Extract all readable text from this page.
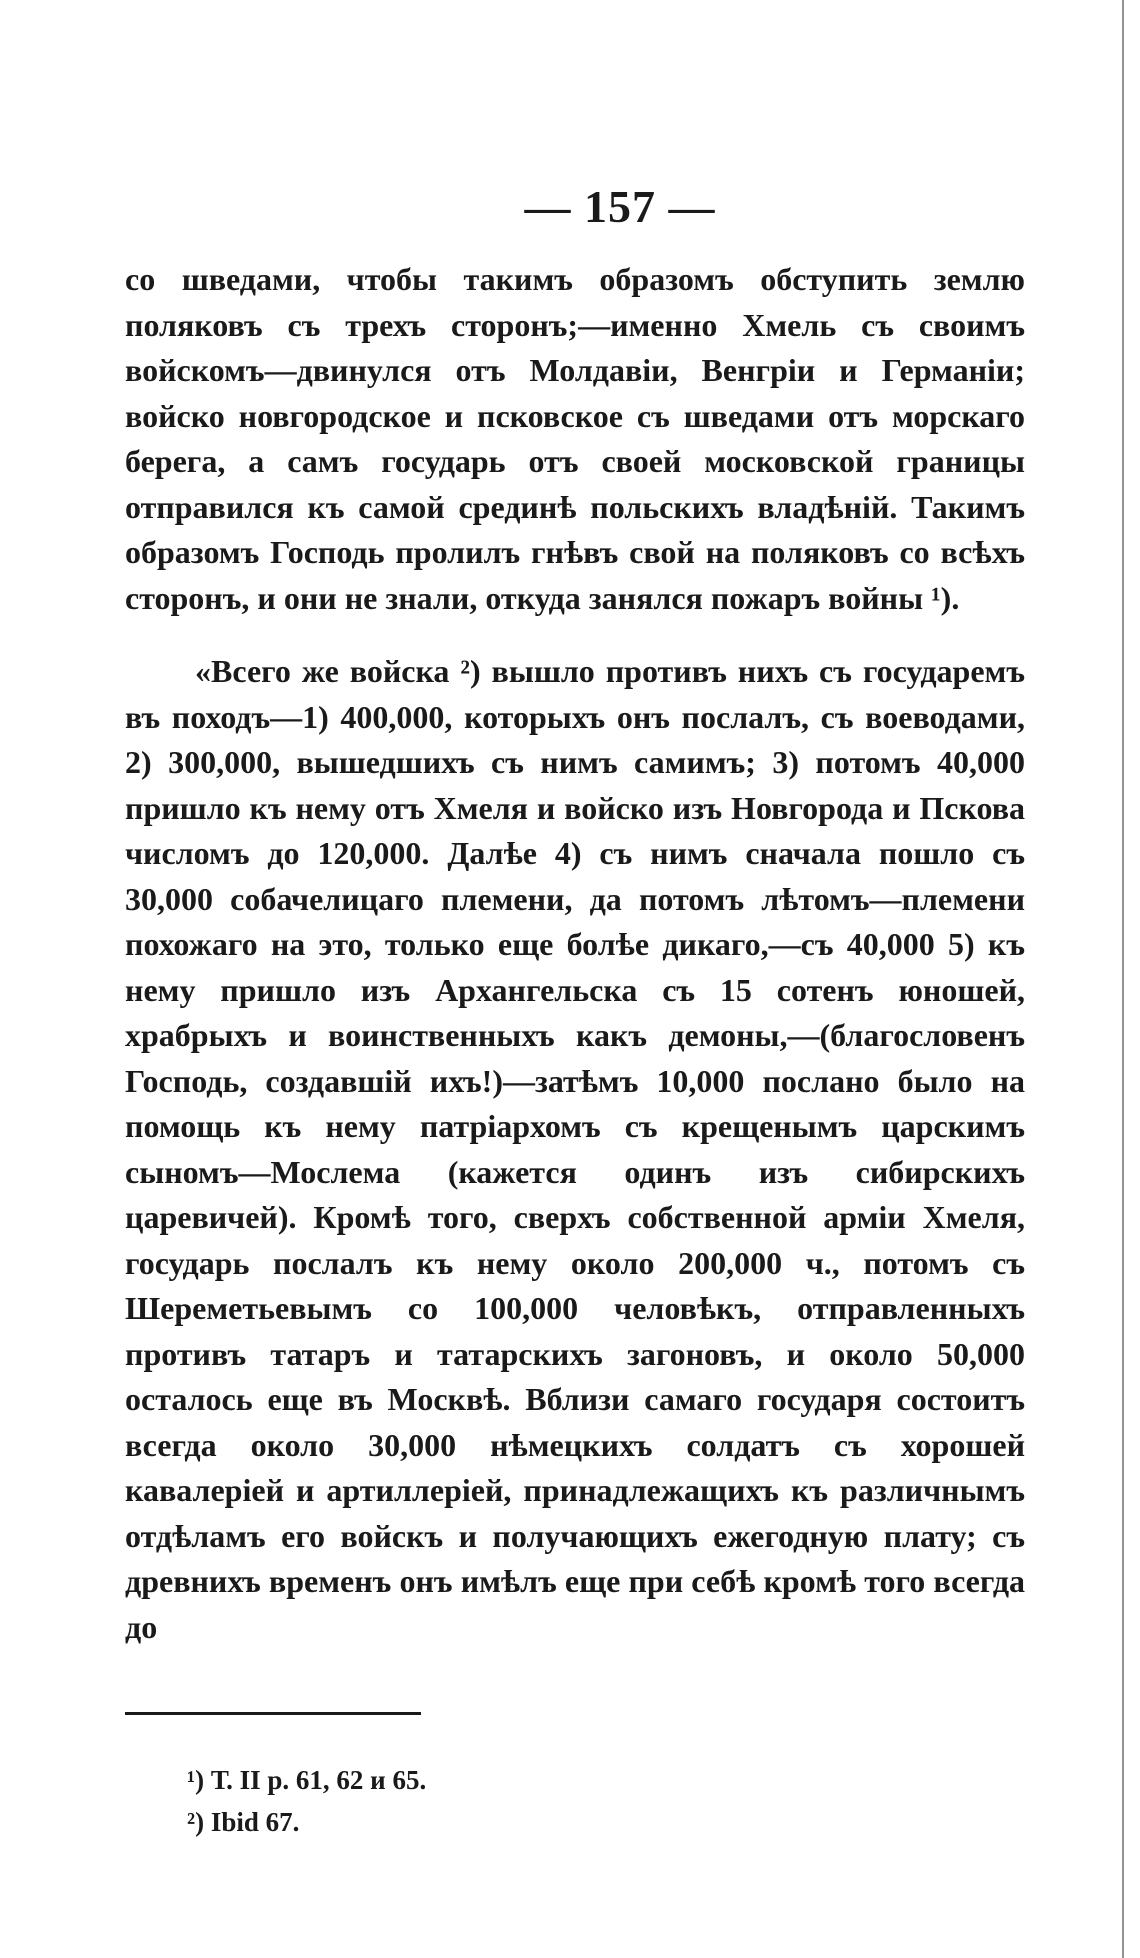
— 157 —

со шведами, чтобы такимъ образомъ обступить землю поляковъ съ трехъ сторонъ;—именно Хмель съ своимъ войскомъ—двинулся отъ Молдавіи, Венгріи и Германіи; войско новгородское и псковское съ шведами отъ морскаго берега, а самъ государь отъ своей московской границы отправился къ самой срединѣ польскихъ владѣній. Такимъ образомъ Господь пролилъ гнѣвъ свой на поляковъ со всѣхъ сторонъ, и они не знали, откуда занялся пожаръ войны ¹).

«Всего же войска ²) вышло противъ нихъ съ государемъ въ походъ—1) 400,000, которыхъ онъ послалъ, съ воеводами, 2) 300,000, вышедшихъ съ нимъ самимъ; 3) потомъ 40,000 пришло къ нему отъ Хмеля и войско изъ Новгорода и Пскова числомъ до 120,000. Далѣе 4) съ нимъ сначала пошло съ 30,000 собачелицаго племени, да потомъ лѣтомъ—племени похожаго на это, только еще болѣе дикаго,—съ 40,000 5) къ нему пришло изъ Архангельска съ 15 сотенъ юношей, храбрыхъ и воинственныхъ какъ демоны,—(благословенъ Господь, создавшій ихъ!)—затѣмъ 10,000 послано было на помощь къ нему патріархомъ съ крещенымъ царскимъ сыномъ—Мослема (кажется одинъ изъ сибирскихъ царевичей). Кромѣ того, сверхъ собственной арміи Хмеля, государь послалъ къ нему около 200,000 ч., потомъ съ Шереметьевымъ со 100,000 человѣкъ, отправленныхъ противъ татаръ и татарскихъ загоновъ, и около 50,000 осталось еще въ Москвѣ. Вблизи самаго государя состоитъ всегда около 30,000 нѣмецкихъ солдатъ съ хорошей кавалеріей и артиллеріей, принадлежащихъ къ различнымъ отдѣламъ его войскъ и получающихъ ежегодную плату; съ древнихъ временъ онъ имѣлъ еще при себѣ кромѣ того всегда до

¹) Т. II р. 61, 62 и 65.
²) Ibid 67.
